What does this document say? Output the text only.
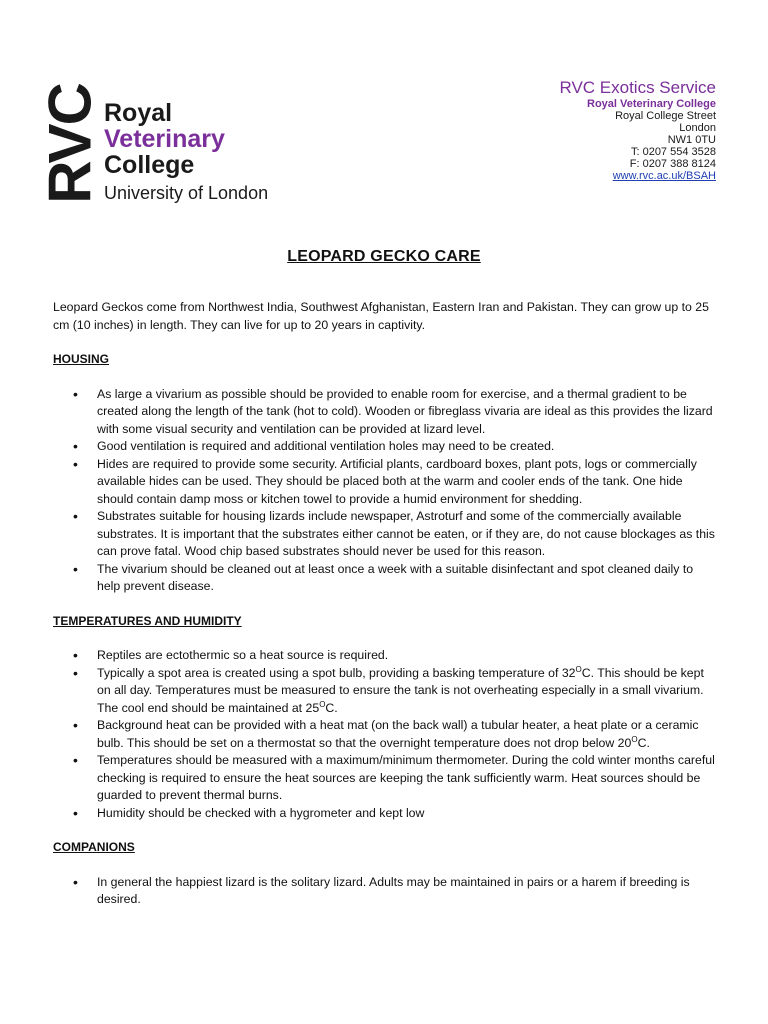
RVC Royal
Veterinary
College
University of London
RVC Exotics Service
Royal Veterinary College
Royal College Street
London
NW1 0TU
T: 0207 554 3528
F: 0207 388 8124
www.rvc.ac.uk/BSAH
LEOPARD GECKO CARE

Leopard Geckos come from Northwest India, Southwest Afghanistan, Eastern Iran and Pakistan. They can grow up to 25 cm (10 inches) in length. They can live for up to 20 years in captivity.

HOUSING
• As large a vivarium as possible should be provided to enable room for exercise, and a thermal gradient to be created along the length of the tank (hot to cold). Wooden or fibreglass vivaria are ideal as this provides the lizard with some visual security and ventilation can be provided at lizard level.
• Good ventilation is required and additional ventilation holes may need to be created.
• Hides are required to provide some security. Artificial plants, cardboard boxes, plant pots, logs or commercially available hides can be used. They should be placed both at the warm and cooler ends of the tank. One hide should contain damp moss or kitchen towel to provide a humid environment for shedding.
• Substrates suitable for housing lizards include newspaper, Astroturf and some of the commercially available substrates. It is important that the substrates either cannot be eaten, or if they are, do not cause blockages as this can prove fatal. Wood chip based substrates should never be used for this reason.
• The vivarium should be cleaned out at least once a week with a suitable disinfectant and spot cleaned daily to help prevent disease.
TEMPERATURES AND HUMIDITY
• Reptiles are ectothermic so a heat source is required.
• Typically a spot area is created using a spot bulb, providing a basking temperature of $32^OC$. This should be kept on all day. Temperatures must be measured to ensure the tank is not overheating especially in a small vivarium. The cool end should be maintained at $25^OC$.
• Background heat can be provided with a heat mat (on the back wall) a tubular heater, a heat plate or a ceramic bulb. This should be set on a thermostat so that the overnight temperature does not drop below $20^OC$.
• Temperatures should be measured with a maximum/minimum thermometer. During the cold winter months careful checking is required to ensure the heat sources are keeping the tank sufficiently warm. Heat sources should be guarded to prevent thermal burns.
• Humidity should be checked with a hygrometer and kept low
COMPANIONS
• In general the happiest lizard is the solitary lizard. Adults may be maintained in pairs or a harem if breeding is desired.
